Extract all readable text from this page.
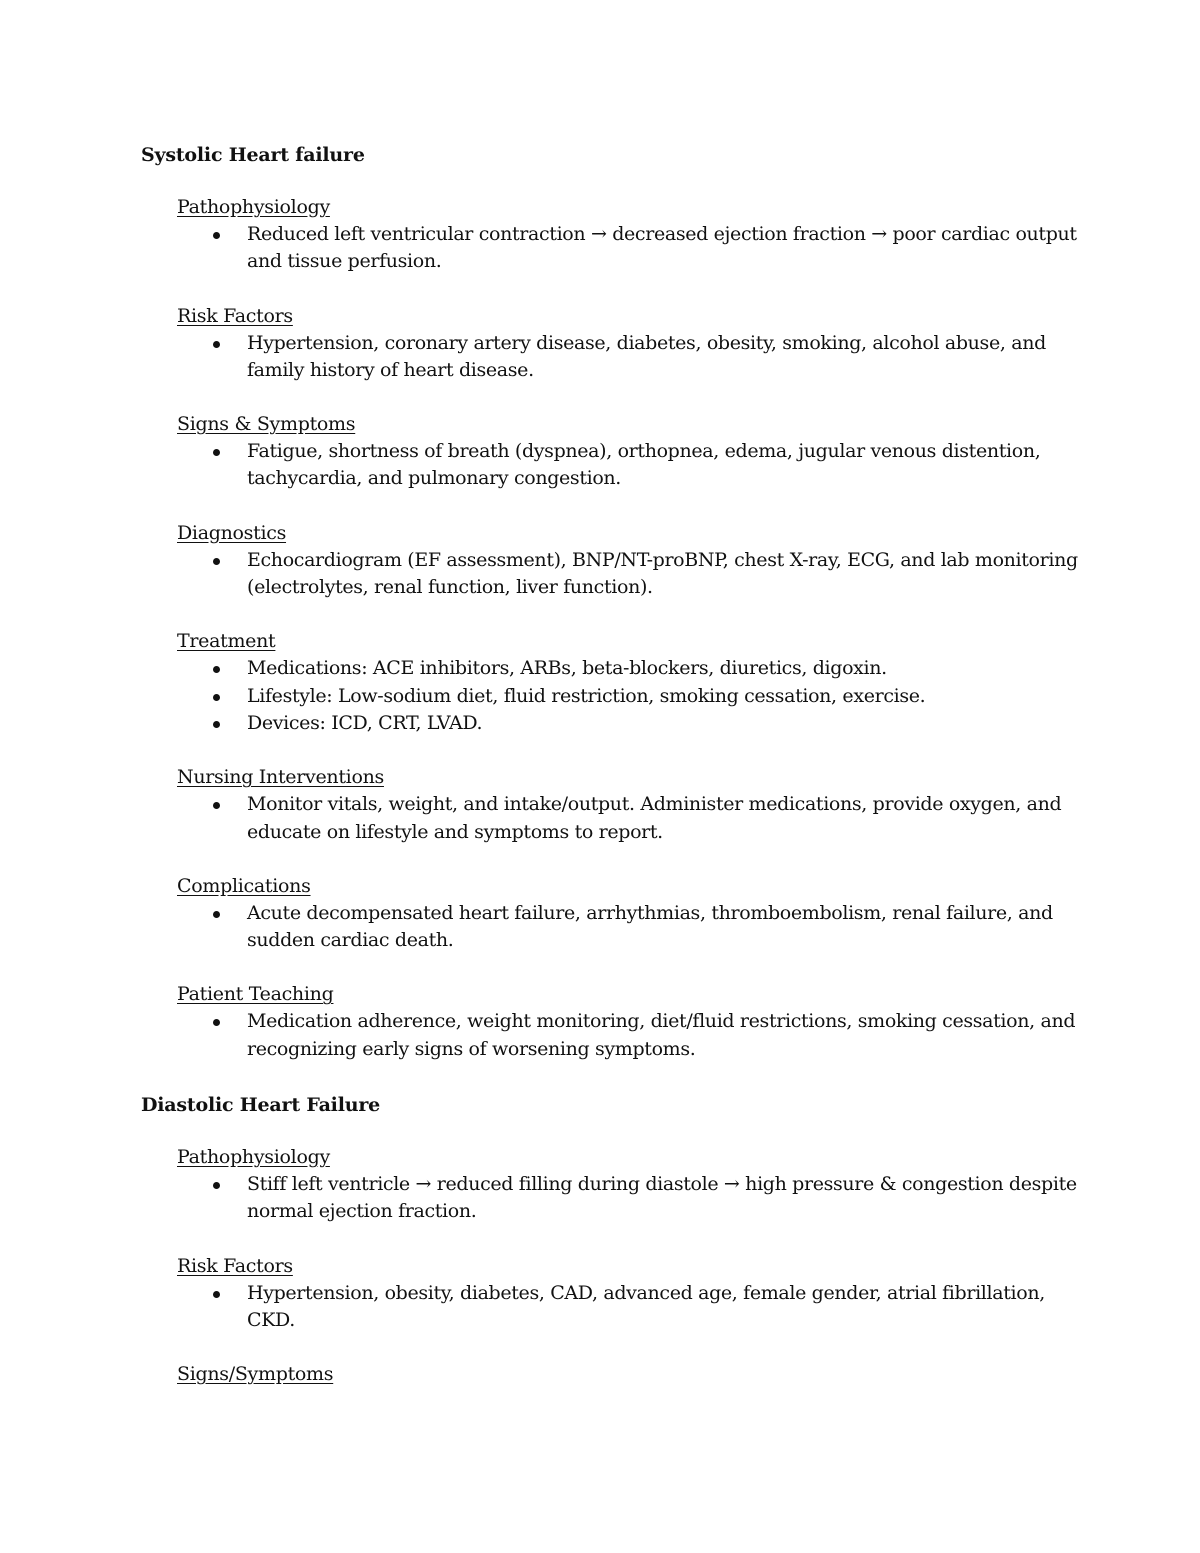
Systolic Heart failure
Pathophysiology
Reduced left ventricular contraction → decreased ejection fraction → poor cardiac output and tissue perfusion.
Risk Factors
Hypertension, coronary artery disease, diabetes, obesity, smoking, alcohol abuse, and family history of heart disease.
Signs & Symptoms
Fatigue, shortness of breath (dyspnea), orthopnea, edema, jugular venous distention, tachycardia, and pulmonary congestion.
Diagnostics
Echocardiogram (EF assessment), BNP/NT-proBNP, chest X-ray, ECG, and lab monitoring (electrolytes, renal function, liver function).
Treatment
Medications: ACE inhibitors, ARBs, beta-blockers, diuretics, digoxin.
Lifestyle: Low-sodium diet, fluid restriction, smoking cessation, exercise.
Devices: ICD, CRT, LVAD.
Nursing Interventions
Monitor vitals, weight, and intake/output. Administer medications, provide oxygen, and educate on lifestyle and symptoms to report.
Complications
Acute decompensated heart failure, arrhythmias, thromboembolism, renal failure, and sudden cardiac death.
Patient Teaching
Medication adherence, weight monitoring, diet/fluid restrictions, smoking cessation, and recognizing early signs of worsening symptoms.
Diastolic Heart Failure
Pathophysiology
Stiff left ventricle → reduced filling during diastole → high pressure & congestion despite normal ejection fraction.
Risk Factors
Hypertension, obesity, diabetes, CAD, advanced age, female gender, atrial fibrillation, CKD.
Signs/Symptoms
